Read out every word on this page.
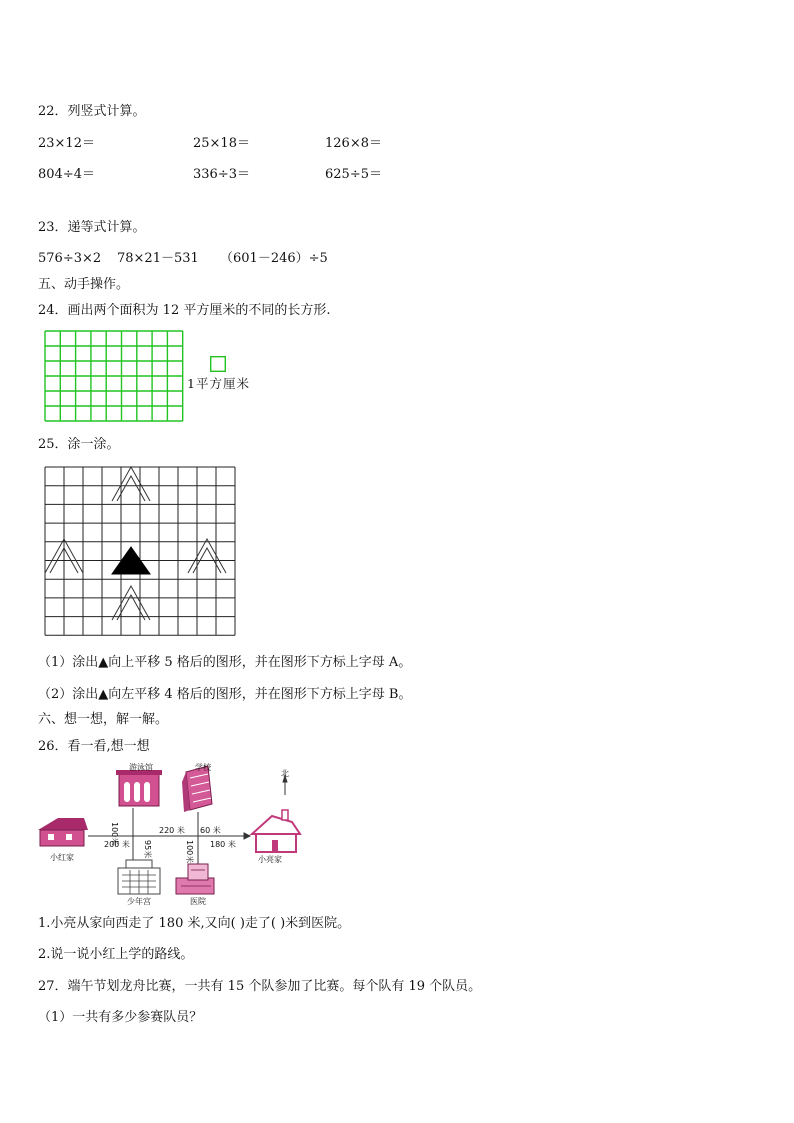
22．列竖式计算。
23×12＝	25×18＝	126×8＝
804÷4＝	336÷3＝	625÷5＝
23．递等式计算。
576÷3×2 78×21－531 （601－246）÷5
五、动手操作。
24．画出两个面积为 12 平方厘米的不同的长方形.
1平方厘米
25．涂一涂。
（1）涂出▲向上平移 5 格后的图形，并在图形下方标上字母 A。
（2）涂出▲向左平移 4 格后的图形，并在图形下方标上字母 B。
六、想一想，解一解。
26．看一看,想一想
游泳馆	学校
北
小红家	小亮家
少年宫	医院
200 米
220 米 60 米
180 米
100米
95米	100米
1.小亮从家向西走了 180 米,又向( )走了( )米到医院。
2.说一说小红上学的路线。
27．端午节划龙舟比赛，一共有 15 个队参加了比赛。每个队有 19 个队员。
（1）一共有多少参赛队员？
